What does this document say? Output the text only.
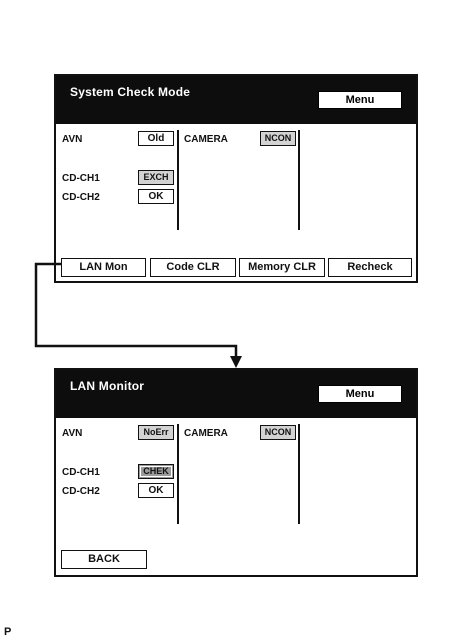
System Check Mode
Menu
AVN	Old	CAMERA	NCON
CD-CH1	EXCH
CD-CH2	OK
LAN Mon	Code CLR	Memory CLR	Recheck
LAN Monitor
Menu
AVN	NoErr	CAMERA	NCON
CD-CH1	CHEK
CD-CH2	OK
BACK
P
